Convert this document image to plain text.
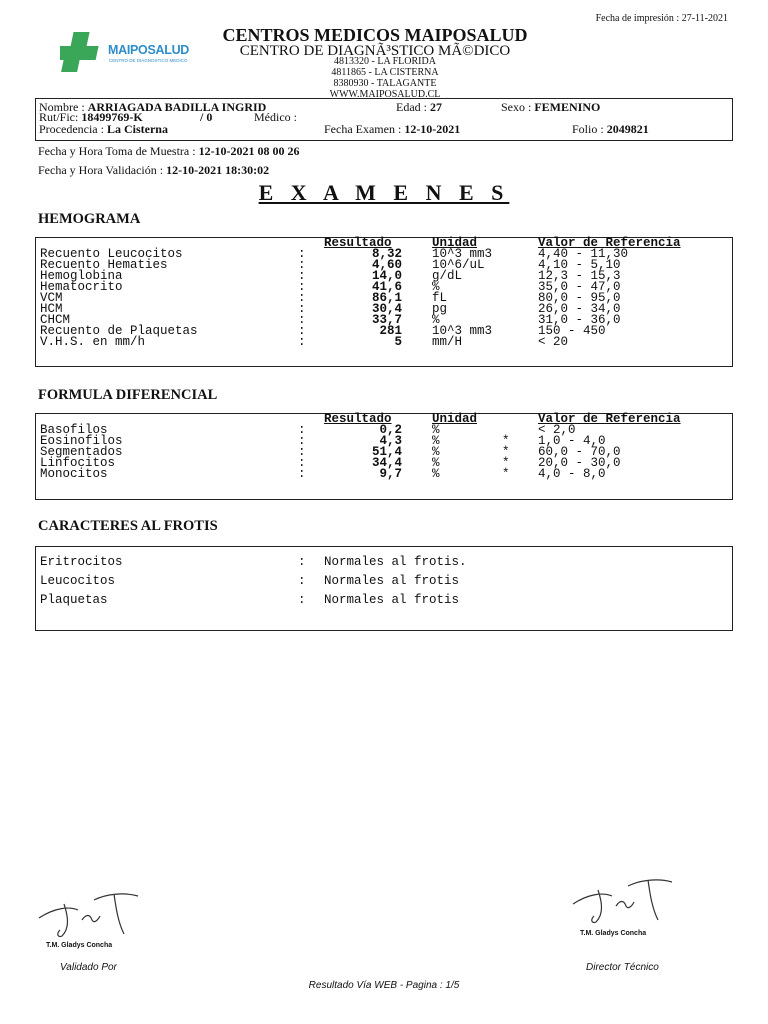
Fecha de impresión : 27-11-2021
MAIPOSALUD
CENTRO DE DIAGNOSTICO MEDICO
CENTROS MEDICOS MAIPOSALUD
CENTRO DE DIAGNÃ³STICO MÃ©DICO
4813320 - LA FLORIDA
4811865 - LA CISTERNA
8380930 - TALAGANTE
WWW.MAIPOSALUD.CL
Nombre : ARRIAGADA BADILLA INGRID	Edad : 27	Sexo : FEMENINO
Rut/Fic: 18499769-K	/ 0	Médico :
Procedencia : La Cisterna	Fecha Examen : 12-10-2021	Folio : 2049821
Fecha y Hora Toma de Muestra : 12-10-2021 08 00 26
Fecha y Hora Validación : 12-10-2021 18:30:02
E X A M E N E S
HEMOGRAMA
Resultado	Unidad	Valor de Referencia
Recuento Leucocitos	:	8,32 10^3 mm3	4,40 - 11,30
Recuento Hematies	:	4,60 10^6/uL	4,10 - 5,10
Hemoglobina	:	14,0 g/dL	12,3 - 15,3
Hematocrito	:	41,6 %	35,0 - 47,0
VCM	:	86,1 fL	80,0 - 95,0
HCM	:	30,4 pg	26,0 - 34,0
CHCM	:	33,7 %	31,0 - 36,0
Recuento de Plaquetas	:	281 10^3 mm3	150 - 450
V.H.S. en mm/h	:	5 mm/H	< 20
FORMULA DIFERENCIAL
Resultado	Unidad	Valor de Referencia
Basofilos	:	0,2 %	< 2,0
Eosinofilos	:	4,3 %	* 1,0 - 4,0
Segmentados	:	51,4 %	* 60,0 - 70,0
Linfocitos	:	34,4 %	* 20,0 - 30,0
Monocitos	:	9,7 %	* 4,0 - 8,0
CARACTERES AL FROTIS
Eritrocitos	: Normales al frotis.
Leucocitos	: Normales al frotis
Plaquetas	: Normales al frotis
T.M. Gladys Concha
Validado Por
T.M. Gladys Concha
Director Técnico
Resultado Vía WEB - Pagina : 1/5
